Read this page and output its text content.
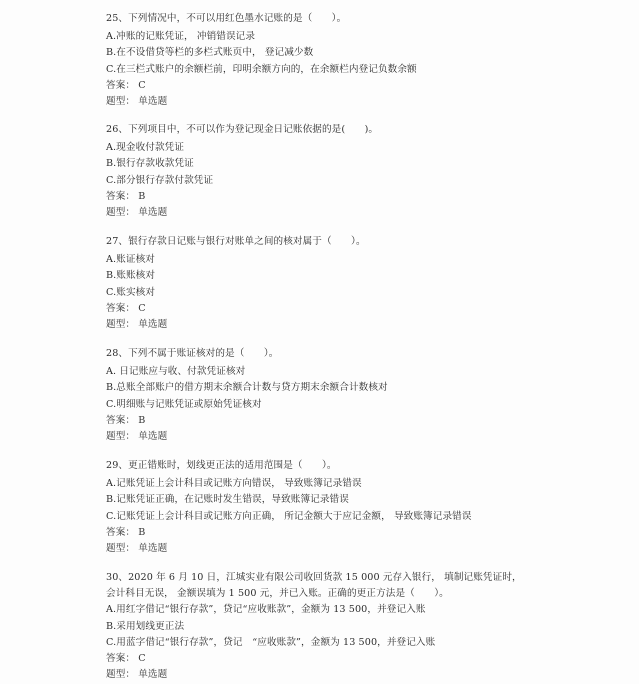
25、下列情况中，不可以用红色墨水记账的是（　　）。
A.冲账的记账凭证， 冲销错误记录
B.在不设借贷等栏的多栏式账页中， 登记减少数
C.在三栏式账户的余额栏前，印明余额方向的，在余额栏内登记负数余额
答案： C
题型： 单选题
26、下列项目中，不可以作为登记现金日记账依据的是(　　)。
A.现金收付款凭证
B.银行存款收款凭证
C.部分银行存款付款凭证
答案： B
题型： 单选题
27、银行存款日记账与银行对账单之间的核对属于（　　）。
A.账证核对
B.账账核对
C.账实核对
答案： C
题型： 单选题
28、下列不属于账证核对的是（　　）。
A. 日记账应与收、付款凭证核对
B.总账全部账户的借方期末余额合计数与贷方期末余额合计数核对
C.明细账与记账凭证或原始凭证核对
答案： B
题型： 单选题
29、更正错账时，划线更正法的适用范围是（　　）。
A.记账凭证上会计科目或记账方向错误， 导致账簿记录错误
B.记账凭证正确，在记账时发生错误，导致账簿记录错误
C.记账凭证上会计科目或记账方向正确， 所记金额大于应记金额， 导致账簿记录错误
答案： B
题型： 单选题
30、2020 年 6 月 10 日，江城实业有限公司收回货款 15 000 元存入银行， 填制记账凭证时，
会计科目无误， 金额误填为 1 500 元，并已入账。正确的更正方法是（　　）。
A.用红字借记“银行存款”，贷记“应收账款”，金额为 13 500，并登记入账
B.采用划线更正法
C.用蓝字借记“银行存款”，贷记　“应收账款”，金额为 13 500，并登记入账
答案： C
题型： 单选题
